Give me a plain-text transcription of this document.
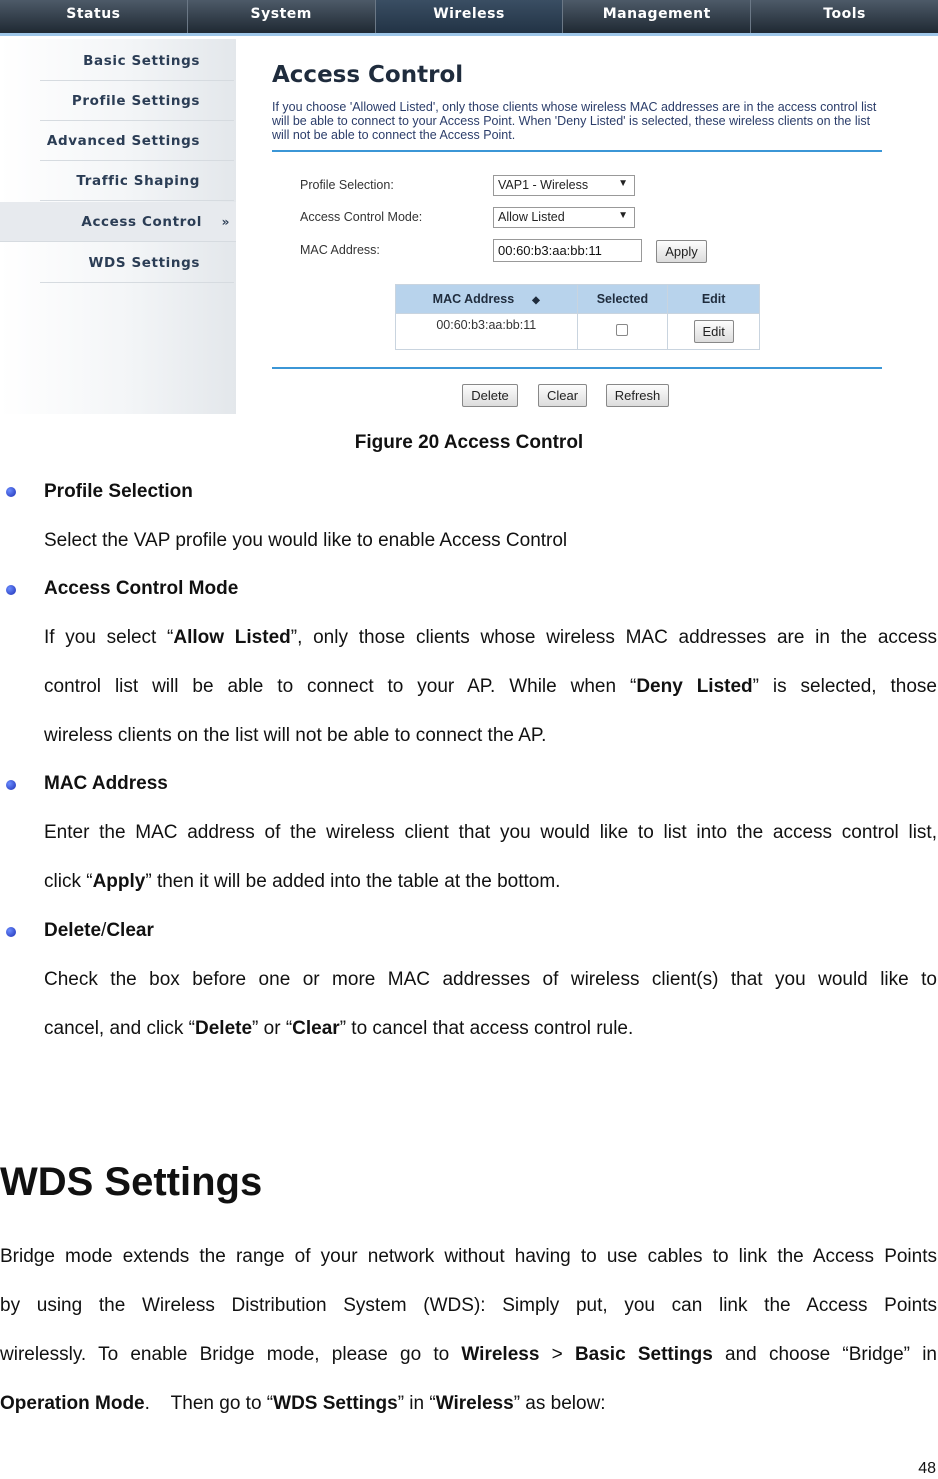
Status	System	Wireless	Management	Tools
Basic Settings
Profile Settings
Advanced Settings
Traffic Shaping
Access Control »
WDS Settings
Access Control

If you choose 'Allowed Listed', only those clients whose wireless MAC addresses are in the access control list will be able to connect to your Access Point. When 'Deny Listed' is selected, these wireless clients on the list will not be able to connect the Access Point.

Profile Selection:	VAP1 - Wireless	▼
Access Control Mode:	Allow Listed	▼
MAC Address:	00:60:b3:aa:bb:11	Apply
MAC Address ◆	Selected	Edit
00:60:b3:aa:bb:11		Edit
Delete	Clear	Refresh
Figure 20 Access Control
Profile Selection
Select the VAP profile you would like to enable Access Control
Access Control Mode
If you select “Allow Listed”, only those clients whose wireless MAC addresses are in the access
control list will be able to connect to your AP. While when “Deny Listed” is selected, those
wireless clients on the list will not be able to connect the AP.
MAC Address
Enter the MAC address of the wireless client that you would like to list into the access control list,
click “Apply” then it will be added into the table at the bottom.
Delete/Clear
Check the box before one or more MAC addresses of wireless client(s) that you would like to
cancel, and click “Delete” or “Clear” to cancel that access control rule.
WDS Settings
Bridge mode extends the range of your network without having to use cables to link the Access Points
by using the Wireless Distribution System (WDS): Simply put, you can link the Access Points
wirelessly. To enable Bridge mode, please go to Wireless > Basic Settings and choose “Bridge” in
Operation Mode.    Then go to “WDS Settings” in “Wireless” as below:
48
